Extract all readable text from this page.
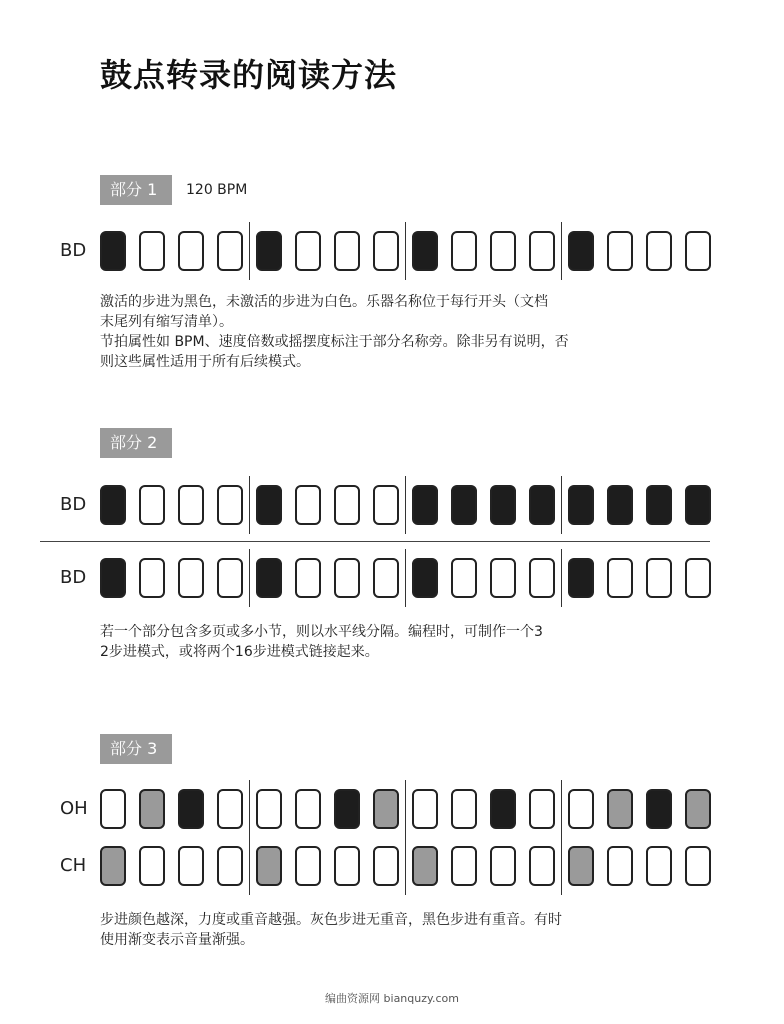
鼓点转录的阅读方法
部分 1	120 BPM
BD
激活的步进为黑色，未激活的步进为白色。乐器名称位于每行开头（文档
末尾列有缩写清单）。
节拍属性如 BPM、速度倍数或摇摆度标注于部分名称旁。除非另有说明，否
则这些属性适用于所有后续模式。
部分 2
BD
BD
若一个部分包含多页或多小节，则以水平线分隔。编程时，可制作一个3
2步进模式，或将两个16步进模式链接起来。
部分 3
OH
CH
步进颜色越深，力度或重音越强。灰色步进无重音，黑色步进有重音。有时
使用渐变表示音量渐强。
编曲资源网 bianquzy.com
